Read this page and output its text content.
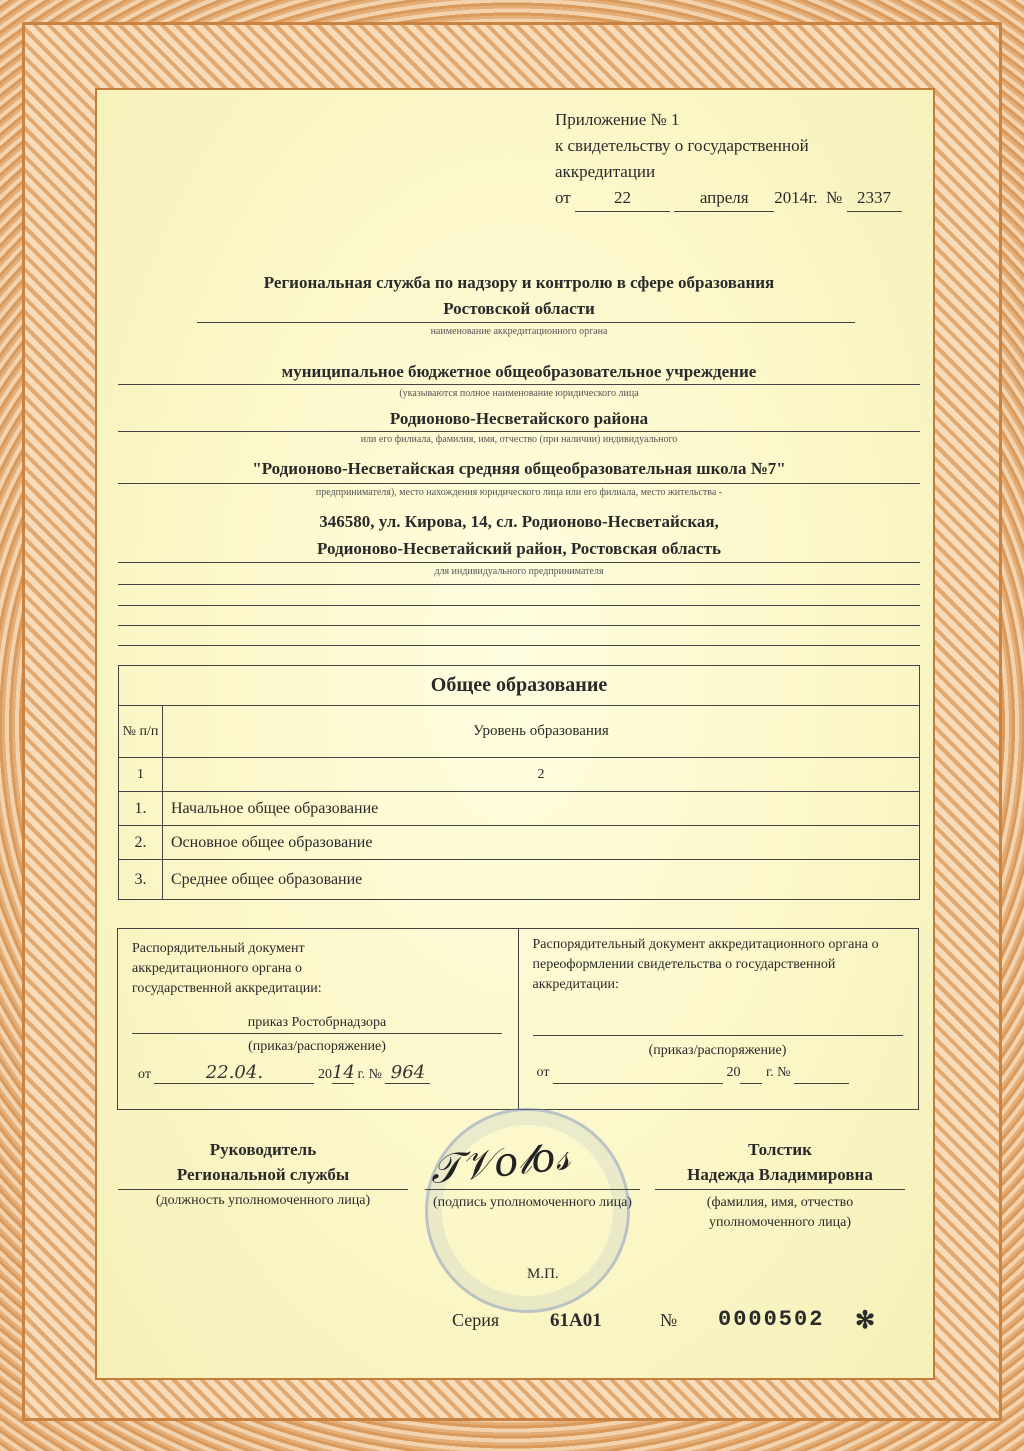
Приложение № 1
к свидетельству о государственной
аккредитации
от	22	апреля 2014г. № 2337
Региональная служба по надзору и контролю в сфере образования
Ростовской области
наименование аккредитационного органа
муниципальное бюджетное общеобразовательное учреждение
(указываются полное наименование юридического лица
Родионово-Несветайского района
или его филиала, фамилия, имя, отчество (при наличии) индивидуального
"Родионово-Несветайская средняя общеобразовательная школа №7"
предпринимателя), место нахождения юридического лица или его филиала, место жительства -
346580, ул. Кирова, 14, сл. Родионово-Несветайская,
Родионово-Несветайский район, Ростовская область
для индивидуального предпринимателя
Общее образование	
№ п/п	Уровень образования
1	2
1.	Начальное общее образование
2.	Основное общее образование
3.	Среднее общее образование
Распорядительный документ аккредитационного органа о государственной аккредитации:
приказ Ростобрнадзора
(приказ/распоряжение)
от	22.04.	2014 г. № 964
Распорядительный документ аккредитационного органа о переоформлении свидетельства о государственной аккредитации:
(приказ/распоряжение)
от	20 г. №
𝒯𝒱𝑜𝓁𝑜𝓈
Руководитель
Региональной службы
(должность уполномоченного лица)	(подпись уполномоченного лица)
Толстик
Надежда Владимировна
(фамилия, имя, отчество уполномоченного лица)
М.П.
Серия	61А01	№ 0000502 ✻
